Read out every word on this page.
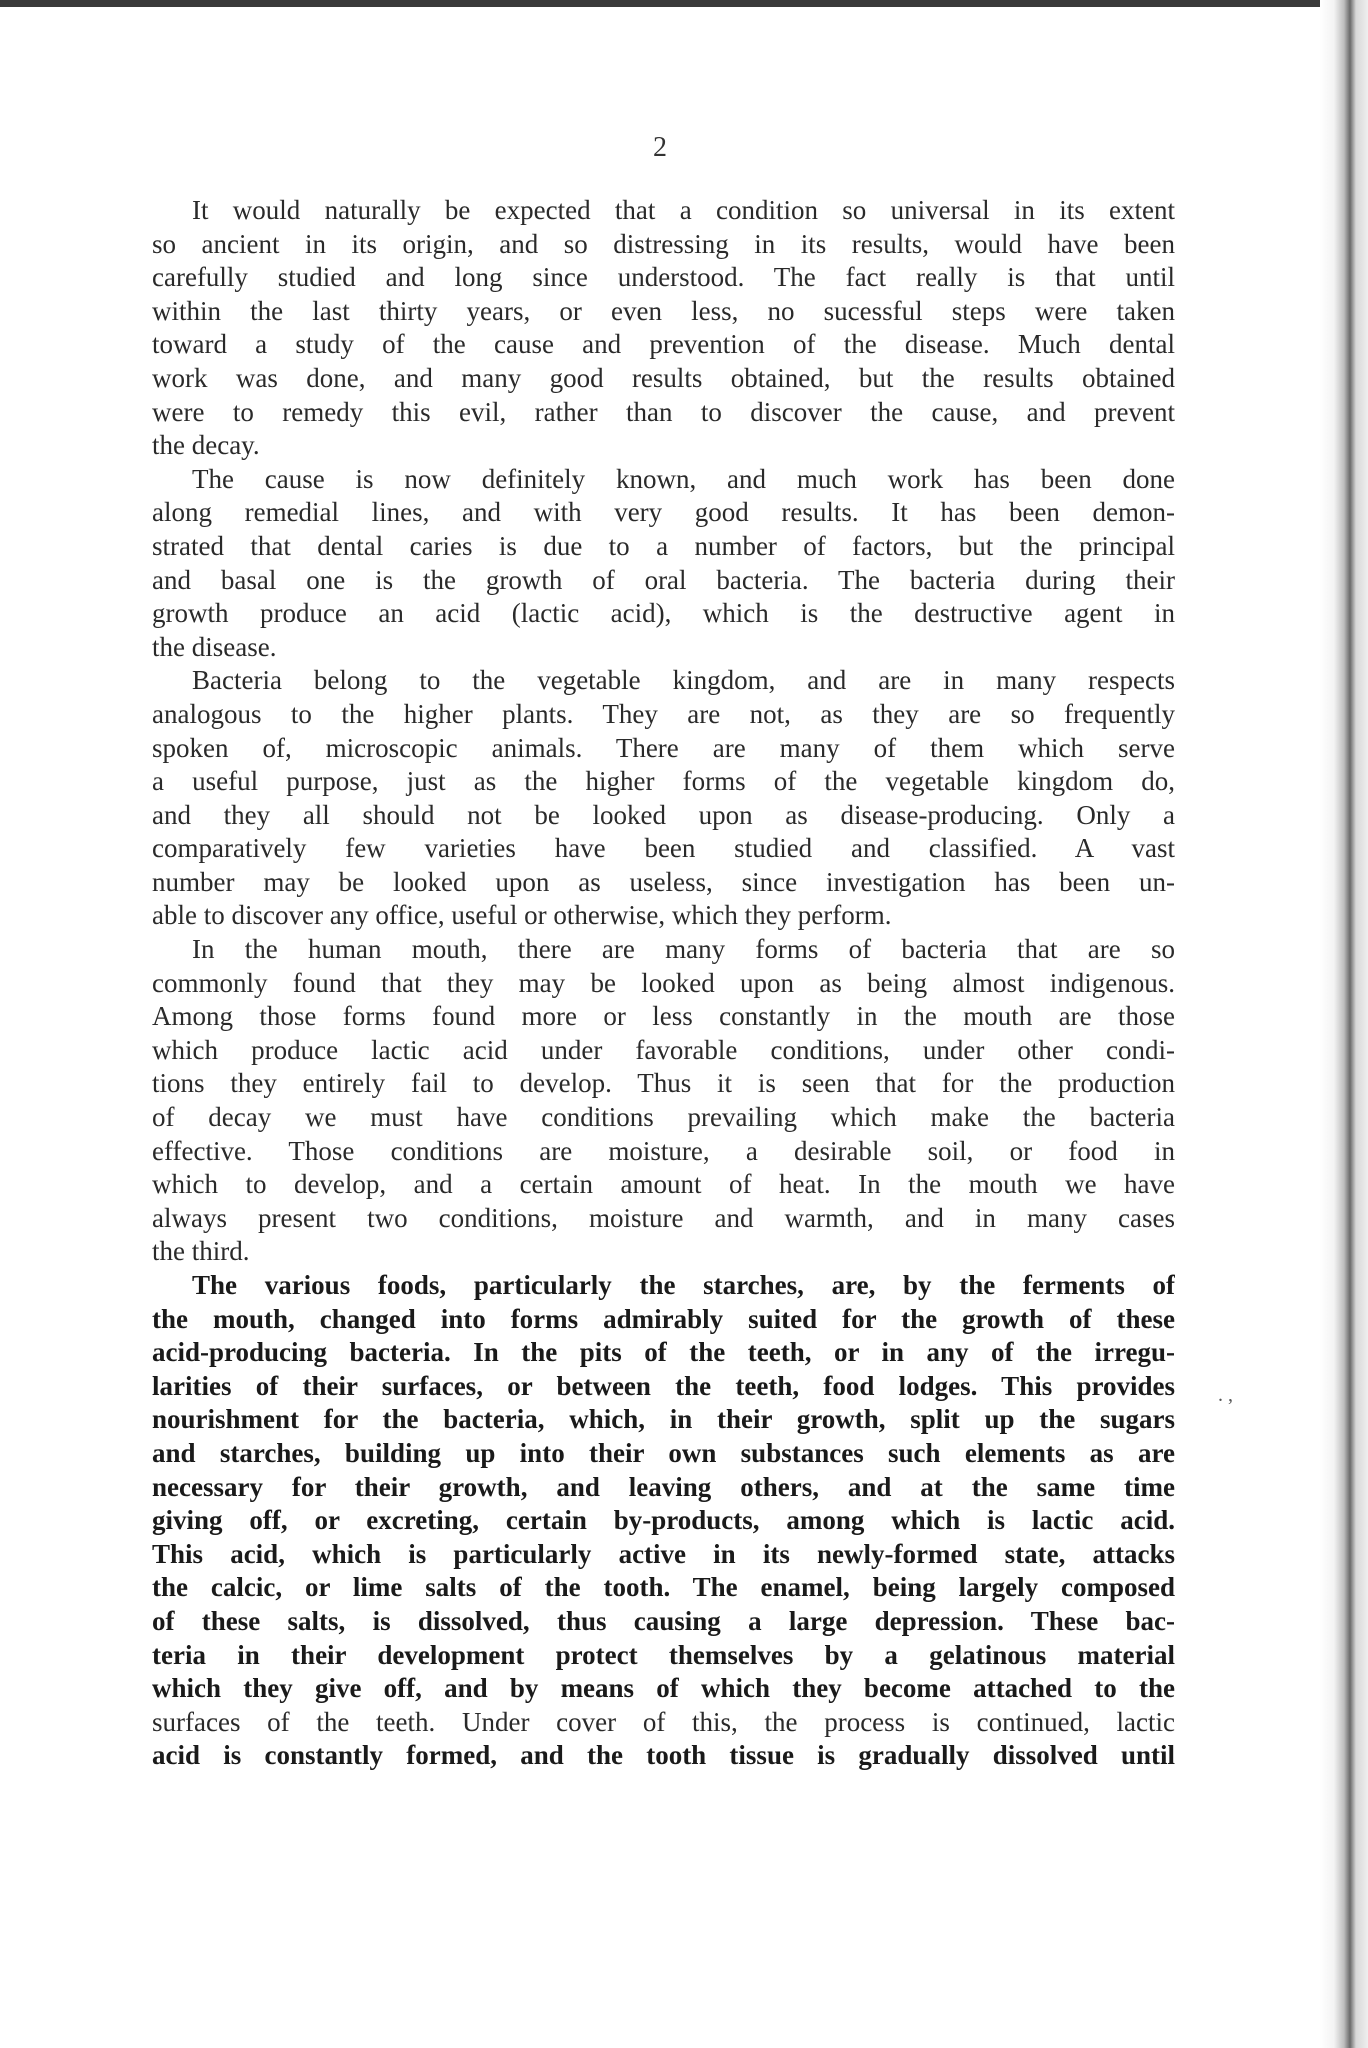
2
It would naturally be expected that a condition so universal in its extent
so ancient in its origin, and so distressing in its results, would have been
carefully studied and long since understood. The fact really is that until
within the last thirty years, or even less, no sucessful steps were taken
toward a study of the cause and prevention of the disease. Much dental
work was done, and many good results obtained, but the results obtained
were to remedy this evil, rather than to discover the cause, and prevent
the decay.
The cause is now definitely known, and much work has been done
along remedial lines, and with very good results. It has been demon-
strated that dental caries is due to a number of factors, but the principal
and basal one is the growth of oral bacteria. The bacteria during their
growth produce an acid (lactic acid), which is the destructive agent in
the disease.
Bacteria belong to the vegetable kingdom, and are in many respects
analogous to the higher plants. They are not, as they are so frequently
spoken of, microscopic animals. There are many of them which serve
a useful purpose, just as the higher forms of the vegetable kingdom do,
and they all should not be looked upon as disease-producing. Only a
comparatively few varieties have been studied and classified. A vast
number may be looked upon as useless, since investigation has been un-
able to discover any office, useful or otherwise, which they perform.
In the human mouth, there are many forms of bacteria that are so
commonly found that they may be looked upon as being almost indigenous.
Among those forms found more or less constantly in the mouth are those
which produce lactic acid under favorable conditions, under other condi-
tions they entirely fail to develop. Thus it is seen that for the production
of decay we must have conditions prevailing which make the bacteria
effective. Those conditions are moisture, a desirable soil, or food in
which to develop, and a certain amount of heat. In the mouth we have
always present two conditions, moisture and warmth, and in many cases
the third.
The various foods, particularly the starches, are, by the ferments of
the mouth, changed into forms admirably suited for the growth of these
acid-producing bacteria. In the pits of the teeth, or in any of the irregu-
larities of their surfaces, or between the teeth, food lodges. This provides
nourishment for the bacteria, which, in their growth, split up the sugars
and starches, building up into their own substances such elements as are
necessary for their growth, and leaving others, and at the same time
giving off, or excreting, certain by-products, among which is lactic acid.
This acid, which is particularly active in its newly-formed state, attacks
the calcic, or lime salts of the tooth. The enamel, being largely composed
of these salts, is dissolved, thus causing a large depression. These bac-
teria in their development protect themselves by a gelatinous material
which they give off, and by means of which they become attached to the
surfaces of the teeth. Under cover of this, the process is continued, lactic
acid is constantly formed, and the tooth tissue is gradually dissolved until
. ,
